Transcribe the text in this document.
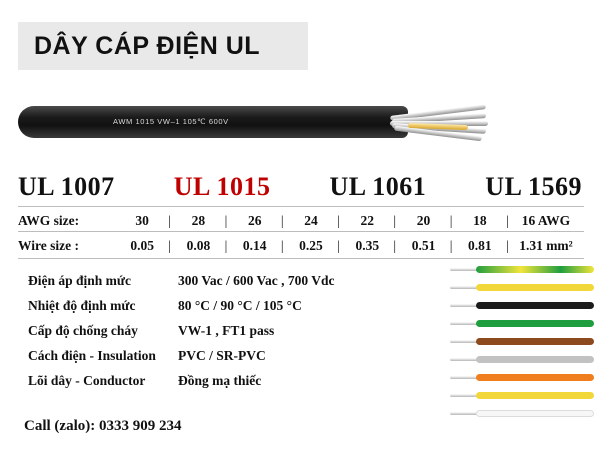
DÂY CÁP ĐIỆN UL
AWM 1015 VW–1 105℃ 600V
UL 1007 UL 1015 UL 1061 UL 1569
AWG size:	30	| 28	| 26	| 24	| 22	| 20	| 18	| 16 AWG
Wire size :	0.05	| 0.08	| 0.14	| 0.25	| 0.35	| 0.51	| 0.81	| 1.31 mm²
Điện áp định mức	300 Vac / 600 Vac , 700 Vdc
Nhiệt độ định mức	80 °C / 90 °C / 105 °C
Cấp độ chống cháy	VW-1 , FT1 pass
Cách điện - Insulation	PVC / SR-PVC
Lõi dây - Conductor	Đồng mạ thiếc
Call (zalo): 0333 909 234
